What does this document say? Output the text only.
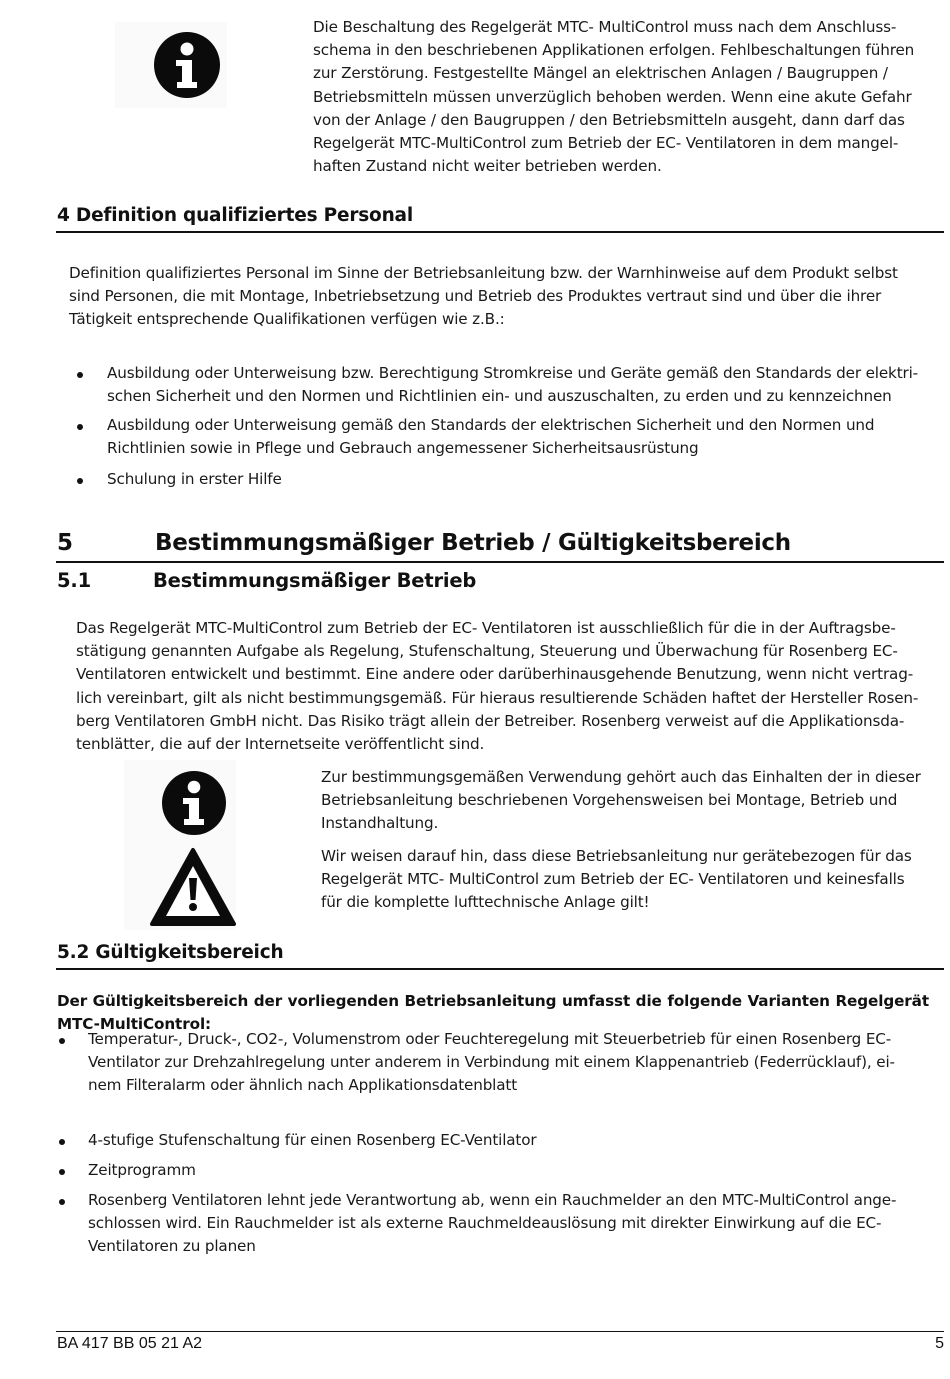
Die Beschaltung des Regelgerät MTC- MultiControl muss nach dem Anschluss-
schema in den beschriebenen Applikationen erfolgen. Fehlbeschaltungen führen
zur Zerstörung. Festgestellte Mängel an elektrischen Anlagen / Baugruppen /
Betriebsmitteln müssen unverzüglich behoben werden. Wenn eine akute Gefahr
von der Anlage / den Baugruppen / den Betriebsmitteln ausgeht, dann darf das
Regelgerät MTC-MultiControl zum Betrieb der EC- Ventilatoren in dem mangel-
haften Zustand nicht weiter betrieben werden.
4 Definition qualifiziertes Personal
Definition qualifiziertes Personal im Sinne der Betriebsanleitung bzw. der Warnhinweise auf dem Produkt selbst
sind Personen, die mit Montage, Inbetriebsetzung und Betrieb des Produktes vertraut sind und über die ihrer
Tätigkeit entsprechende Qualifikationen verfügen wie z.B.:
Ausbildung oder Unterweisung bzw. Berechtigung Stromkreise und Geräte gemäß den Standards der elektri-
schen Sicherheit und den Normen und Richtlinien ein- und auszuschalten, zu erden und zu kennzeichnen
Ausbildung oder Unterweisung gemäß den Standards der elektrischen Sicherheit und den Normen und
Richtlinien sowie in Pflege und Gebrauch angemessener Sicherheitsausrüstung
Schulung in erster Hilfe
5	Bestimmungsmäßiger Betrieb / Gültigkeitsbereich
5.1	Bestimmungsmäßiger Betrieb
Das Regelgerät MTC-MultiControl zum Betrieb der EC- Ventilatoren ist ausschließlich für die in der Auftragsbe-
stätigung genannten Aufgabe als Regelung, Stufenschaltung, Steuerung und Überwachung für Rosenberg EC-
Ventilatoren entwickelt und bestimmt. Eine andere oder darüberhinausgehende Benutzung, wenn nicht vertrag-
lich vereinbart, gilt als nicht bestimmungsgemäß. Für hieraus resultierende Schäden haftet der Hersteller Rosen-
berg Ventilatoren GmbH nicht. Das Risiko trägt allein der Betreiber. Rosenberg verweist auf die Applikationsda-
tenblätter, die auf der Internetseite veröffentlicht sind.
Zur bestimmungsgemäßen Verwendung gehört auch das Einhalten der in dieser
Betriebsanleitung beschriebenen Vorgehensweisen bei Montage, Betrieb und
Instandhaltung.
Wir weisen darauf hin, dass diese Betriebsanleitung nur gerätebezogen für das
Regelgerät MTC- MultiControl zum Betrieb der EC- Ventilatoren und keinesfalls
für die komplette lufttechnische Anlage gilt!
5.2 Gültigkeitsbereich
Der Gültigkeitsbereich der vorliegenden Betriebsanleitung umfasst die folgende Varianten Regelgerät
MTC-MultiControl:
Temperatur-, Druck-, CO2-, Volumenstrom oder Feuchteregelung mit Steuerbetrieb für einen Rosenberg EC-
Ventilator zur Drehzahlregelung unter anderem in Verbindung mit einem Klappenantrieb (Federrücklauf), ei-
nem Filteralarm oder ähnlich nach Applikationsdatenblatt
4-stufige Stufenschaltung für einen Rosenberg EC-Ventilator
Zeitprogramm
Rosenberg Ventilatoren lehnt jede Verantwortung ab, wenn ein Rauchmelder an den MTC-MultiControl ange-
schlossen wird. Ein Rauchmelder ist als externe Rauchmeldeauslösung mit direkter Einwirkung auf die EC-
Ventilatoren zu planen
BA 417 BB 05 21 A2	5
